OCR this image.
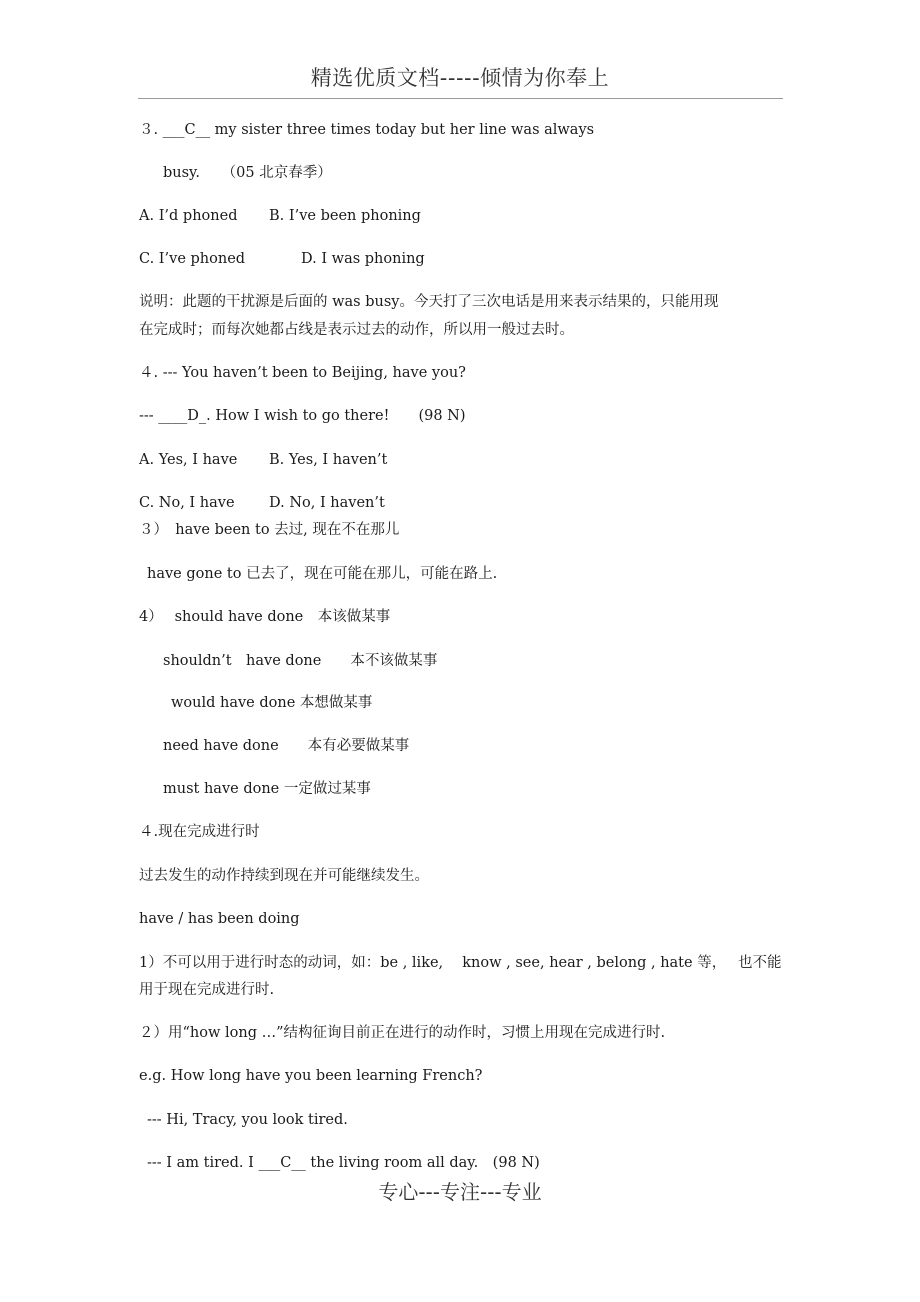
精选优质文档-----倾情为你奉上
３. ___C__ my sister three times today but her line was always
busy.　　（05 北京春季）
A. I’d phoned B. I’ve been phoning
C. I’ve phoned	D. I was phoning
说明：此题的干扰源是后面的 was busy。今天打了三次电话是用来表示结果的，只能用现
在完成时；而每次她都占线是表示过去的动作，所以用一般过去时。
４. --- You haven’t been to Beijing, have you?
--- ____D_. How I wish to go there!　　(98 N)
A. Yes, I have B. Yes, I haven’t
C. No, I have D. No, I haven’t
３）　have been to 去过, 现在不在那儿
have gone to 已去了，现在可能在那儿，可能在路上.
4）　 should have done　本该做某事
shouldn’t　have done　　本不该做某事
would have done 本想做某事
need have done　　本有必要做某事
must have done 一定做过某事
４.现在完成进行时
过去发生的动作持续到现在并可能继续发生。
have / has been doing
1）不可以用于进行时态的动词，如：be , like,　 know , see, hear , belong , hate 等，　 也不能
用于现在完成进行时.
２）用“how long …”结构征询目前正在进行的动作时，习惯上用现在完成进行时.
e.g. How long have you been learning French?
--- Hi, Tracy, you look tired.
--- I am tired. I ___C__ the living room all day.　(98 N)
专心---专注---专业
